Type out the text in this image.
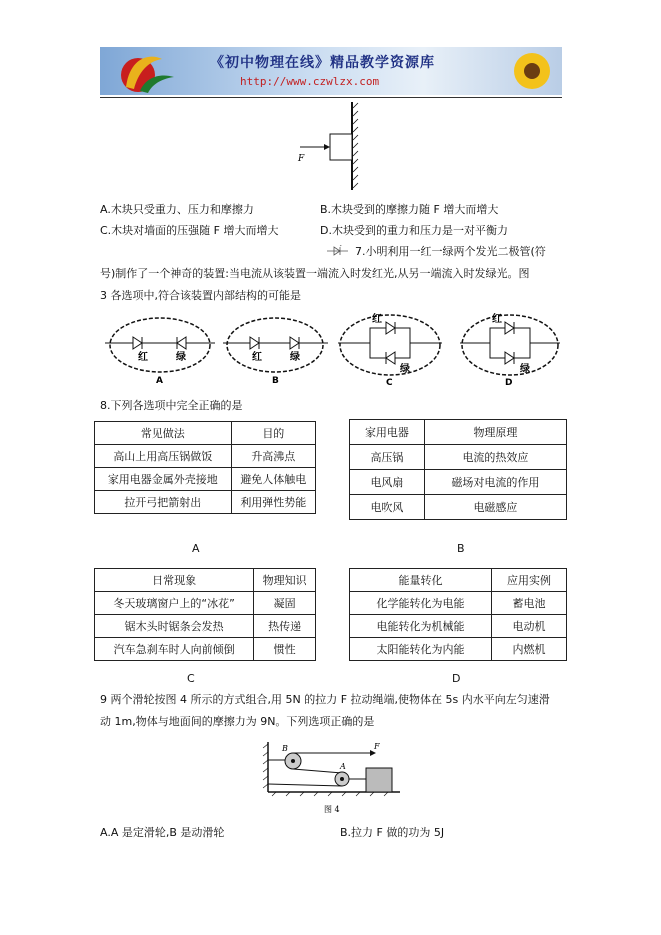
《初中物理在线》精品教学资源库
http://www.czwlzx.com
F
A.木块只受重力、压力和摩擦力	B.木块受到的摩擦力随 F 增大而增大
C.木块对墙面的压强随 F 增大而增大	D.木块受到的重力和压力是一对平衡力
7.小明利用一红一绿两个发光二极管(符
号)制作了一个神奇的装置:当电流从该装置一端流入时发红光,从另一端流入时发绿光。图
3 各选项中,符合该装置内部结构的可能是
红	绿
A
红	绿
B
红
绿
C
红
绿
D
8.下列各选项中完全正确的是
常见做法	目的
高山上用高压锅做饭	升高沸点
家用电器金属外壳接地	避免人体触电
拉开弓把箭射出	利用弹性势能
家用电器	物理原理
高压锅	电流的热效应
电风扇	磁场对电流的作用
电吹风	电磁感应
A	B
日常现象	物理知识
冬天玻璃窗户上的“冰花”	凝固
锯木头时锯条会发热	热传递
汽车急刹车时人向前倾倒	惯性
能量转化	应用实例
化学能转化为电能	蓄电池
电能转化为机械能	电动机
太阳能转化为内能	内燃机
C	D
9 两个滑轮按图 4 所示的方式组合,用 5N 的拉力 F 拉动绳端,使物体在 5s 内水平向左匀速滑
动 1m,物体与地面间的摩擦力为 9N。下列选项正确的是
B
A
F
图 4
A.A 是定滑轮,B 是动滑轮	B.拉力 F 做的功为 5J
